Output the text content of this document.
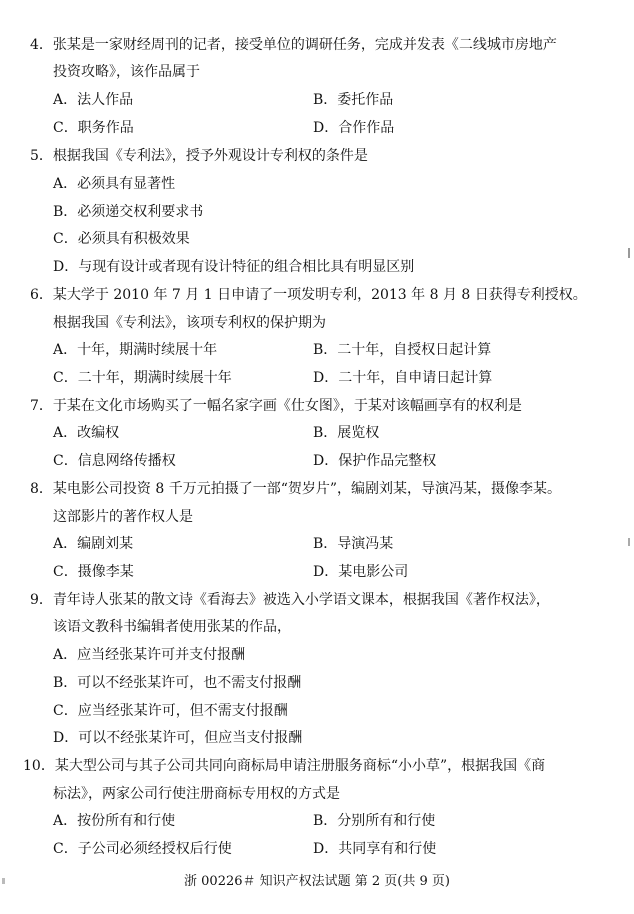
4．张某是一家财经周刊的记者，接受单位的调研任务，完成并发表《二线城市房地产
投资攻略》，该作品属于
A．法人作品	B．委托作品
C．职务作品	D．合作作品
5．根据我国《专利法》，授予外观设计专利权的条件是
A．必须具有显著性
B．必须递交权利要求书
C．必须具有积极效果
D．与现有设计或者现有设计特征的组合相比具有明显区别
6．某大学于 2010 年 7 月 1 日申请了一项发明专利，2013 年 8 月 8 日获得专利授权。
根据我国《专利法》，该项专利权的保护期为
A．十年，期满时续展十年	B．二十年，自授权日起计算
C．二十年，期满时续展十年	D．二十年，自申请日起计算
7．于某在文化市场购买了一幅名家字画《仕女图》，于某对该幅画享有的权利是
A．改编权	B．展览权
C．信息网络传播权	D．保护作品完整权
8．某电影公司投资 8 千万元拍摄了一部“贺岁片”，编剧刘某，导演冯某，摄像李某。
这部影片的著作权人是
A．编剧刘某	B．导演冯某
C．摄像李某	D．某电影公司
9．青年诗人张某的散文诗《看海去》被选入小学语文课本，根据我国《著作权法》，
该语文教科书编辑者使用张某的作品，
A．应当经张某许可并支付报酬
B．可以不经张某许可，也不需支付报酬
C．应当经张某许可，但不需支付报酬
D．可以不经张某许可，但应当支付报酬
10．某大型公司与其子公司共同向商标局申请注册服务商标“小小草”，根据我国《商
标法》，两家公司行使注册商标专用权的方式是
A．按份所有和行使	B．分别所有和行使
C．子公司必须经授权后行使	D．共同享有和行使
浙 00226＃ 知识产权法试题 第 2 页(共 9 页)
